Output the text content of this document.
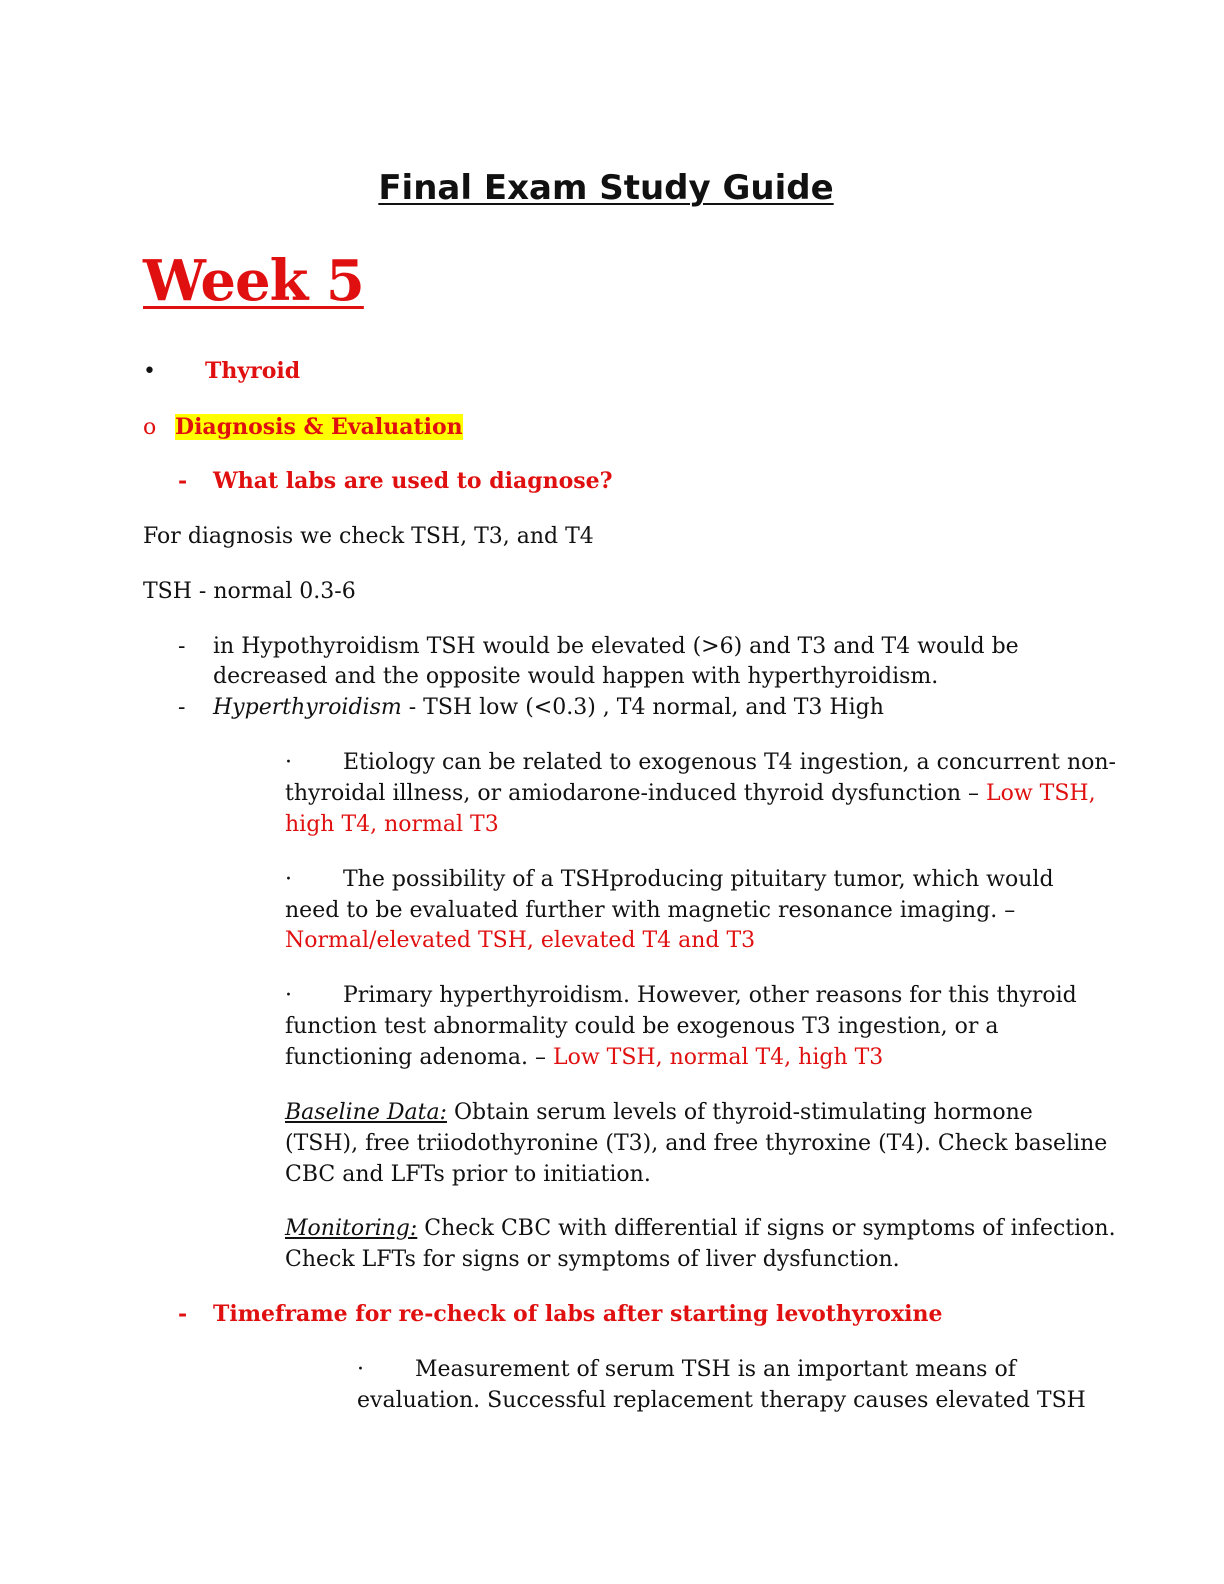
Final Exam Study Guide
Week 5
• Thyroid
o Diagnosis & Evaluation
- What labs are used to diagnose?
For diagnosis we check TSH, T3, and T4
TSH - normal 0.3-6
- in Hypothyroidism TSH would be elevated (>6) and T3 and T4 would be
decreased and the opposite would happen with hyperthyroidism.
- Hyperthyroidism - TSH low (<0.3) , T4 normal, and T3 High
· Etiology can be related to exogenous T4 ingestion, a concurrent non-
thyroidal illness, or amiodarone-induced thyroid dysfunction – Low TSH,
high T4, normal T3
· The possibility of a TSHproducing pituitary tumor, which would
need to be evaluated further with magnetic resonance imaging. –
Normal/elevated TSH, elevated T4 and T3
· Primary hyperthyroidism. However, other reasons for this thyroid
function test abnormality could be exogenous T3 ingestion, or a
functioning adenoma. – Low TSH, normal T4, high T3
Baseline Data: Obtain serum levels of thyroid-stimulating hormone
(TSH), free triiodothyronine (T3), and free thyroxine (T4). Check baseline
CBC and LFTs prior to initiation.
Monitoring: Check CBC with differential if signs or symptoms of infection.
Check LFTs for signs or symptoms of liver dysfunction.
- Timeframe for re-check of labs after starting levothyroxine
· Measurement of serum TSH is an important means of
evaluation. Successful replacement therapy causes elevated TSH
